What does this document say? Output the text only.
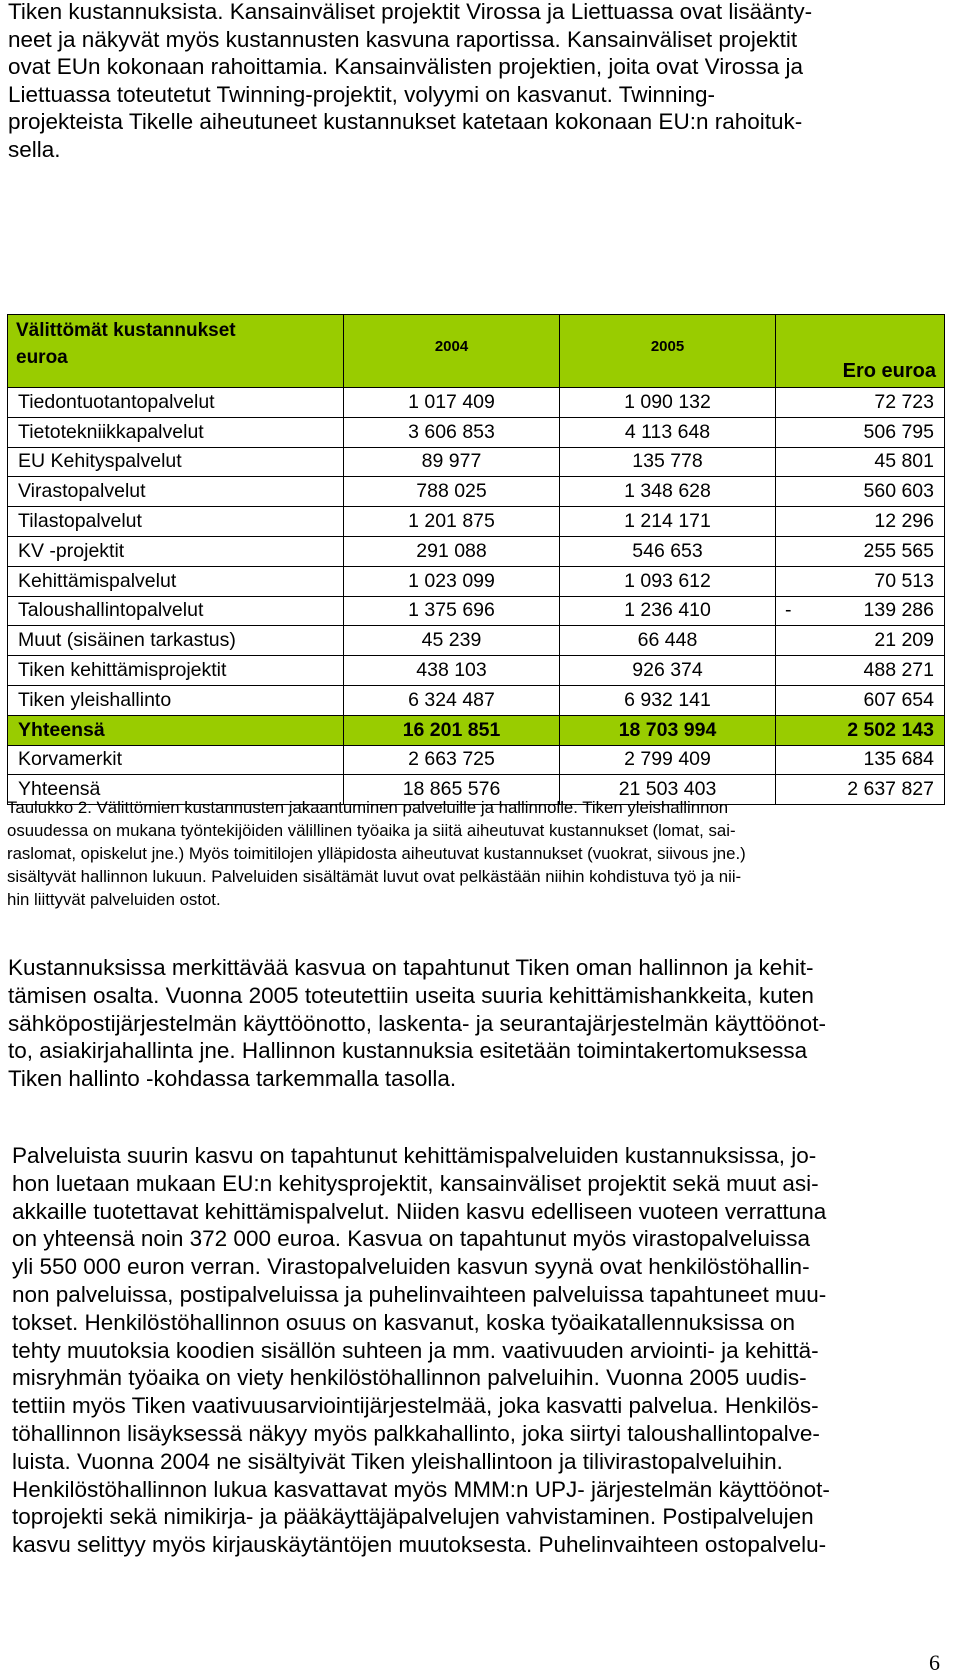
Tiken kustannuksista. Kansainväliset projektit Virossa ja Liettuassa ovat lisäänty-
neet ja näkyvät myös kustannusten kasvuna raportissa. Kansainväliset projektit
ovat EUn kokonaan rahoittamia. Kansainvälisten projektien, joita ovat Virossa ja
Liettuassa toteutetut Twinning-projektit, volyymi on kasvanut. Twinning-
projekteista Tikelle aiheutuneet kustannukset katetaan kokonaan EU:n rahoituk-
sella.
Välittömät kustannukset
euroa	2004	2005	Ero euroa
Tiedontuotantopalvelut	1 017 409	1 090 132	72 723
Tietotekniikkapalvelut	3 606 853	4 113 648	506 795
EU Kehityspalvelut	89 977	135 778	45 801
Virastopalvelut	788 025	1 348 628	560 603
Tilastopalvelut	1 201 875	1 214 171	12 296
KV -projektit	291 088	546 653	255 565
Kehittämispalvelut	1 023 099	1 093 612	70 513
Taloushallintopalvelut	1 375 696	1 236 410	- 139 286
Muut (sisäinen tarkastus)	45 239	66 448	21 209
Tiken kehittämisprojektit	438 103	926 374	488 271
Tiken yleishallinto	6 324 487	6 932 141	607 654
Yhteensä	16 201 851	18 703 994	2 502 143
Korvamerkit	2 663 725	2 799 409	135 684
Yhteensä	18 865 576	21 503 403	2 637 827
Taulukko 2. Välittömien kustannusten jakaantuminen palveluille ja hallinnolle. Tiken yleishallinnon
osuudessa on mukana työntekijöiden välillinen työaika ja siitä aiheutuvat kustannukset (lomat, sai-
raslomat, opiskelut jne.) Myös toimitilojen ylläpidosta aiheutuvat kustannukset (vuokrat, siivous jne.)
sisältyvät hallinnon lukuun. Palveluiden sisältämät luvut ovat pelkästään niihin kohdistuva työ ja nii-
hin liittyvät palveluiden ostot.
Kustannuksissa merkittävää kasvua on tapahtunut Tiken oman hallinnon ja kehit-
tämisen osalta. Vuonna 2005 toteutettiin useita suuria kehittämishankkeita, kuten
sähköpostijärjestelmän käyttöönotto, laskenta- ja seurantajärjestelmän käyttöönot-
to, asiakirjahallinta jne. Hallinnon kustannuksia esitetään toimintakertomuksessa
Tiken hallinto -kohdassa tarkemmalla tasolla.
Palveluista suurin kasvu on tapahtunut kehittämispalveluiden kustannuksissa, jo-
hon luetaan mukaan EU:n kehitysprojektit, kansainväliset projektit sekä muut asi-
akkaille tuotettavat kehittämispalvelut. Niiden kasvu edelliseen vuoteen verrattuna
on yhteensä noin 372 000 euroa. Kasvua on tapahtunut myös virastopalveluissa
yli 550 000 euron verran. Virastopalveluiden kasvun syynä ovat henkilöstöhallin-
non palveluissa, postipalveluissa ja puhelinvaihteen palveluissa tapahtuneet muu-
tokset. Henkilöstöhallinnon osuus on kasvanut, koska työaikatallennuksissa on
tehty muutoksia koodien sisällön suhteen ja mm. vaativuuden arviointi- ja kehittä-
misryhmän työaika on viety henkilöstöhallinnon palveluihin. Vuonna 2005 uudis-
tettiin myös Tiken vaativuusarviointijärjestelmää, joka kasvatti palvelua. Henkilös-
töhallinnon lisäyksessä näkyy myös palkkahallinto, joka siirtyi taloushallintopalve-
luista. Vuonna 2004 ne sisältyivät Tiken yleishallintoon ja tilivirastopalveluihin.
Henkilöstöhallinnon lukua kasvattavat myös MMM:n UPJ- järjestelmän käyttöönot-
toprojekti sekä nimikirja- ja pääkäyttäjäpalvelujen vahvistaminen. Postipalvelujen
kasvu selittyy myös kirjauskäytäntöjen muutoksesta. Puhelinvaihteen ostopalvelu-
6
